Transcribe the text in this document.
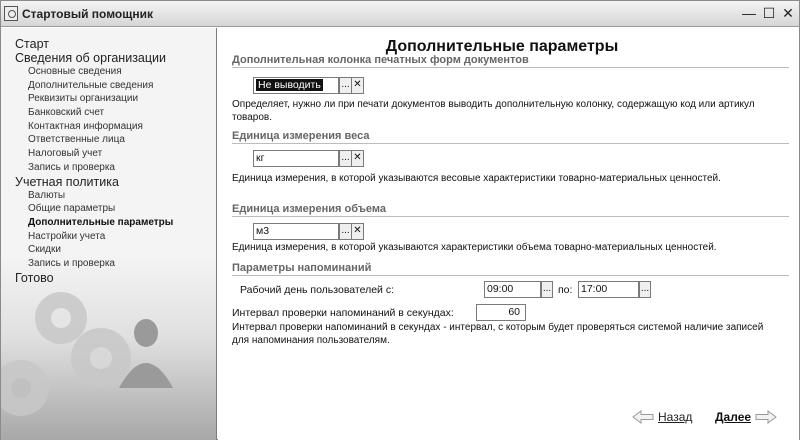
Стартовый помощник	— ☐ ✕
Старт
Сведения об организации
Основные сведения
Дополнительные сведения
Реквизиты организации
Банковский счет
Контактная информация
Ответственные лица
Налоговый учет
Запись и проверка
Учетная политика
Валюты
Общие параметры
Дополнительные параметры
Настройки учета
Скидки
Запись и проверка
Готово
Дополнительные параметры
Дополнительная колонка печатных форм документов
Не выводить	... ✕
Определяет, нужно ли при печати документов выводить дополнительную колонку, содержащую код или артикул товаров.
Единица измерения веса
кг	... ✕
Единица измерения, в которой указываются весовые характеристики товарно-материальных ценностей.
Единица измерения объема
м3	... ✕
Единица измерения, в которой указываются характеристики объема товарно-материальных ценностей.
Параметры напоминаний
Рабочий день пользователей с:	09:00	... по: 17:00	...
Интервал проверки напоминаний в секундах:	60
Интервал проверки напоминаний в секундах - интервал, с которым будет проверяться системой наличие записей для напоминания пользователям.
Назад Далее
